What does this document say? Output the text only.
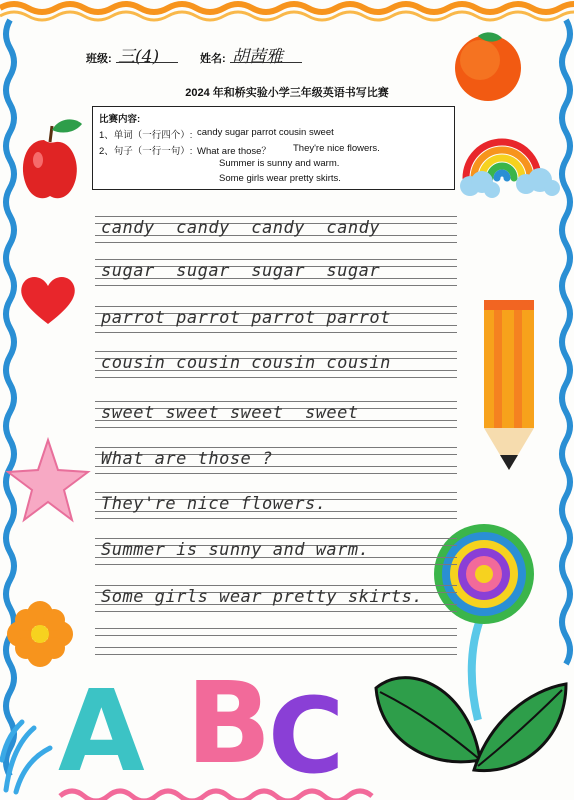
班级: 三(4)	姓名: 胡茜雅
2024 年和桥实验小学三年级英语书写比赛
比赛内容:
1、单词（一行四个）: candy sugar parrot cousin sweet
2、句子（一行一句）: What are those？ They're nice flowers.
Summer is sunny and warm.
Some girls wear pretty skirts.
candy  candy  candy  candy
sugar  sugar  sugar  sugar
parrot parrot parrot parrot
cousin cousin cousin cousin
sweet sweet sweet  sweet
What are those ?
They're nice flowers.
Summer is sunny and warm.
Some girls wear pretty skirts.
A B
C
